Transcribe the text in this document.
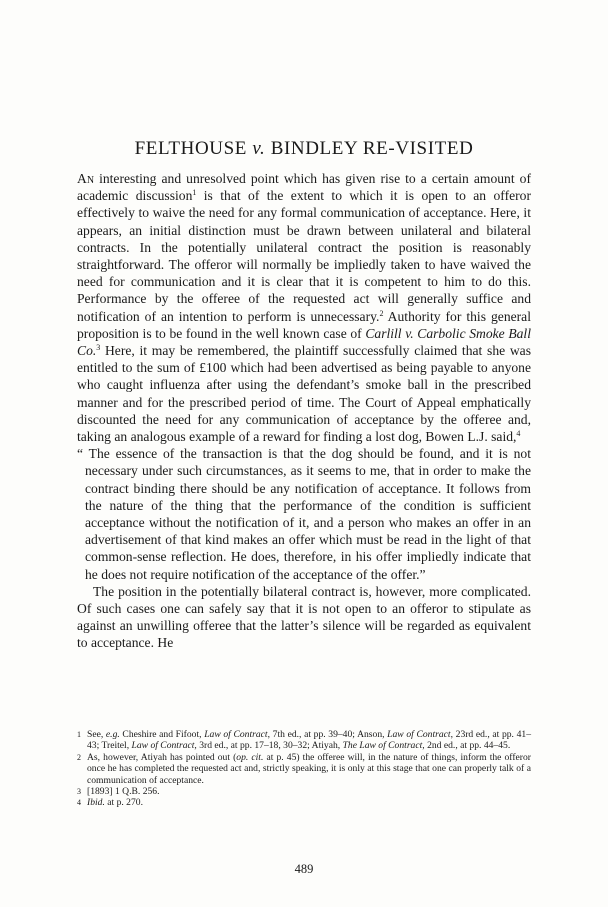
FELTHOUSE v. BINDLEY RE-VISITED

An interesting and unresolved point which has given rise to a certain amount of academic discussion$^1$ is that of the extent to which it is open to an offeror effectively to waive the need for any formal communication of acceptance. Here, it appears, an initial distinction must be drawn between unilateral and bilateral contracts. In the potentially unilateral contract the position is reasonably straightforward. The offeror will normally be impliedly taken to have waived the need for communication and it is clear that it is competent to him to do this. Performance by the offeree of the requested act will generally suffice and notification of an intention to perform is unnecessary.$^2$ Authority for this general proposition is to be found in the well known case of Carlill v. Carbolic Smoke Ball Co.$^3$ Here, it may be remembered, the plaintiff successfully claimed that she was entitled to the sum of £100 which had been advertised as being payable to anyone who caught influenza after using the defendant’s smoke ball in the prescribed manner and for the prescribed period of time. The Court of Appeal emphatically discounted the need for any communication of acceptance by the offeree and, taking an analogous example of a reward for finding a lost dog, Bowen L.J. said,$^4$

“ The essence of the transaction is that the dog should be found, and it is not necessary under such circumstances, as it seems to me, that in order to make the contract binding there should be any notification of acceptance. It follows from the nature of the thing that the performance of the condition is sufficient acceptance without the notification of it, and a person who makes an offer in an advertisement of that kind makes an offer which must be read in the light of that common-sense reflection. He does, therefore, in his offer impliedly indicate that he does not require notification of the acceptance of the offer.”

The position in the potentially bilateral contract is, however, more complicated. Of such cases one can safely say that it is not open to an offeror to stipulate as against an unwilling offeree that the latter’s silence will be regarded as equivalent to acceptance. He

1 See, e.g. Cheshire and Fifoot, Law of Contract, 7th ed., at pp. 39–40; Anson, Law of Contract, 23rd ed., at pp. 41–43; Treitel, Law of Contract, 3rd ed., at pp. 17–18, 30–32; Atiyah, The Law of Contract, 2nd ed., at pp. 44–45.
2 As, however, Atiyah has pointed out (op. cit. at p. 45) the offeree will, in the nature of things, inform the offeror once he has completed the requested act and, strictly speaking, it is only at this stage that one can properly talk of a communication of acceptance.
3 [1893] 1 Q.B. 256.
4 Ibid. at p. 270.
489
